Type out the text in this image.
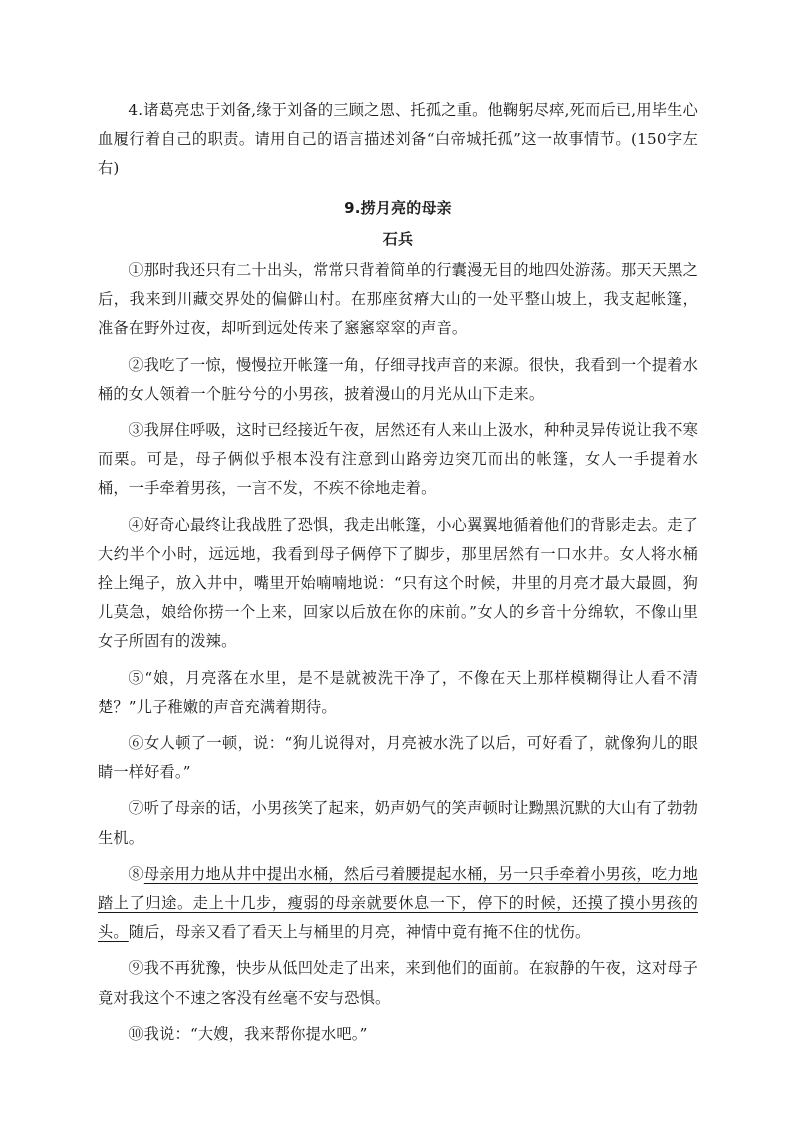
4.诸葛亮忠于刘备,缘于刘备的三顾之恩、托孤之重。他鞠躬尽瘁,死而后已,用毕生心血履行着自己的职责。请用自己的语言描述刘备“白帝城托孤”这一故事情节。(150字左右)

9.捞月亮的母亲
石兵

①那时我还只有二十出头，常常只背着简单的行囊漫无目的地四处游荡。那天天黑之后，我来到川藏交界处的偏僻山村。在那座贫瘠大山的一处平整山坡上，我支起帐篷，准备在野外过夜，却听到远处传来了窸窸窣窣的声音。

②我吃了一惊，慢慢拉开帐篷一角，仔细寻找声音的来源。很快，我看到一个提着水桶的女人领着一个脏兮兮的小男孩，披着漫山的月光从山下走来。

③我屏住呼吸，这时已经接近午夜，居然还有人来山上汲水，种种灵异传说让我不寒而栗。可是，母子俩似乎根本没有注意到山路旁边突兀而出的帐篷，女人一手提着水桶，一手牵着男孩，一言不发，不疾不徐地走着。

④好奇心最终让我战胜了恐惧，我走出帐篷，小心翼翼地循着他们的背影走去。走了大约半个小时，远远地，我看到母子俩停下了脚步，那里居然有一口水井。女人将水桶拴上绳子，放入井中，嘴里开始喃喃地说：“只有这个时候，井里的月亮才最大最圆，狗儿莫急，娘给你捞一个上来，回家以后放在你的床前。”女人的乡音十分绵软，不像山里女子所固有的泼辣。

⑤“娘，月亮落在水里，是不是就被洗干净了，不像在天上那样模糊得让人看不清楚？”儿子稚嫩的声音充满着期待。

⑥女人顿了一顿，说：“狗儿说得对，月亮被水洗了以后，可好看了，就像狗儿的眼睛一样好看。”

⑦听了母亲的话，小男孩笑了起来，奶声奶气的笑声顿时让黝黑沉默的大山有了勃勃生机。

⑧母亲用力地从井中提出水桶，然后弓着腰提起水桶，另一只手牵着小男孩，吃力地踏上了归途。走上十几步，瘦弱的母亲就要休息一下，停下的时候，还摸了摸小男孩的头。随后，母亲又看了看天上与桶里的月亮，神情中竟有掩不住的忧伤。

⑨我不再犹豫，快步从低凹处走了出来，来到他们的面前。在寂静的午夜，这对母子竟对我这个不速之客没有丝毫不安与恐惧。

⑩我说：“大嫂，我来帮你提水吧。”
